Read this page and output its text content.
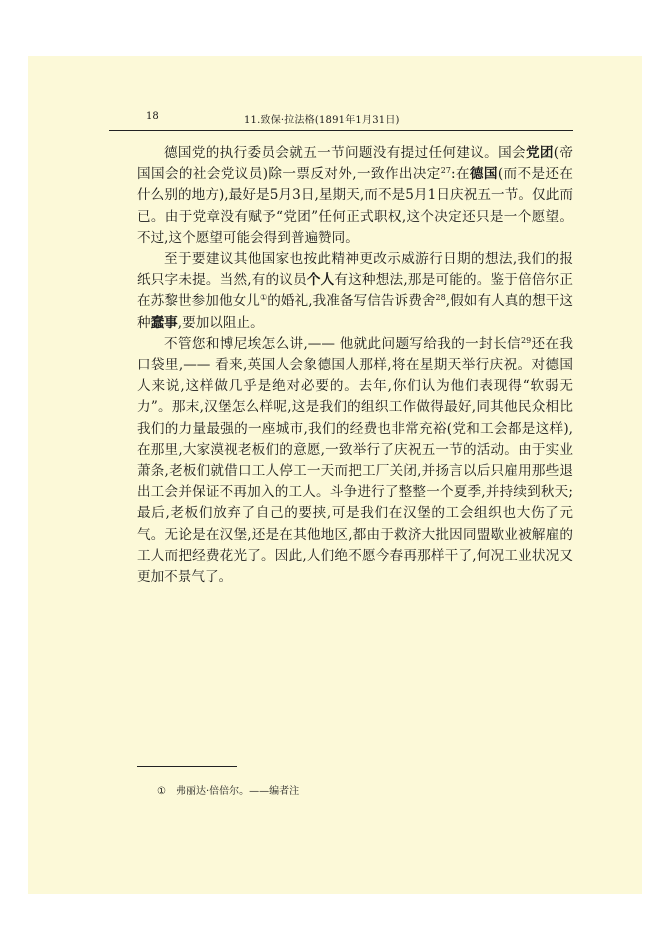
18	11.致保·拉法格(1891年1月31日)

德国党的执行委员会就五一节问题没有提过任何建议。国会党团(帝国国会的社会党议员)除一票反对外,一致作出决定$^{27}$:在德国(而不是还在什么别的地方),最好是5月3日,星期天,而不是5月1日庆祝五一节。仅此而已。由于党章没有赋予“党团”任何正式职权,这个决定还只是一个愿望。不过,这个愿望可能会得到普遍赞同。

至于要建议其他国家也按此精神更改示威游行日期的想法,我们的报纸只字未提。当然,有的议员个人有这种想法,那是可能的。鉴于倍倍尔正在苏黎世参加他女儿①的婚礼,我准备写信告诉费舍$^{28}$,假如有人真的想干这种蠢事,要加以阻止。

不管您和博尼埃怎么讲,—— 他就此问题写给我的一封长信$^{29}$还在我口袋里,—— 看来,英国人会象德国人那样,将在星期天举行庆祝。对德国人来说,这样做几乎是绝对必要的。去年,你们认为他们表现得“软弱无力”。那末,汉堡怎么样呢,这是我们的组织工作做得最好,同其他民众相比我们的力量最强的一座城市,我们的经费也非常充裕(党和工会都是这样),在那里,大家漠视老板们的意愿,一致举行了庆祝五一节的活动。由于实业萧条,老板们就借口工人停工一天而把工厂关闭,并扬言以后只雇用那些退出工会并保证不再加入的工人。斗争进行了整整一个夏季,并持续到秋天;最后,老板们放弃了自己的要挟,可是我们在汉堡的工会组织也大伤了元气。无论是在汉堡,还是在其他地区,都由于救济大批因同盟歇业被解雇的工人而把经费花光了。因此,人们绝不愿今春再那样干了,何况工业状况又更加不景气了。

① 弗丽达·倍倍尔。——编者注
